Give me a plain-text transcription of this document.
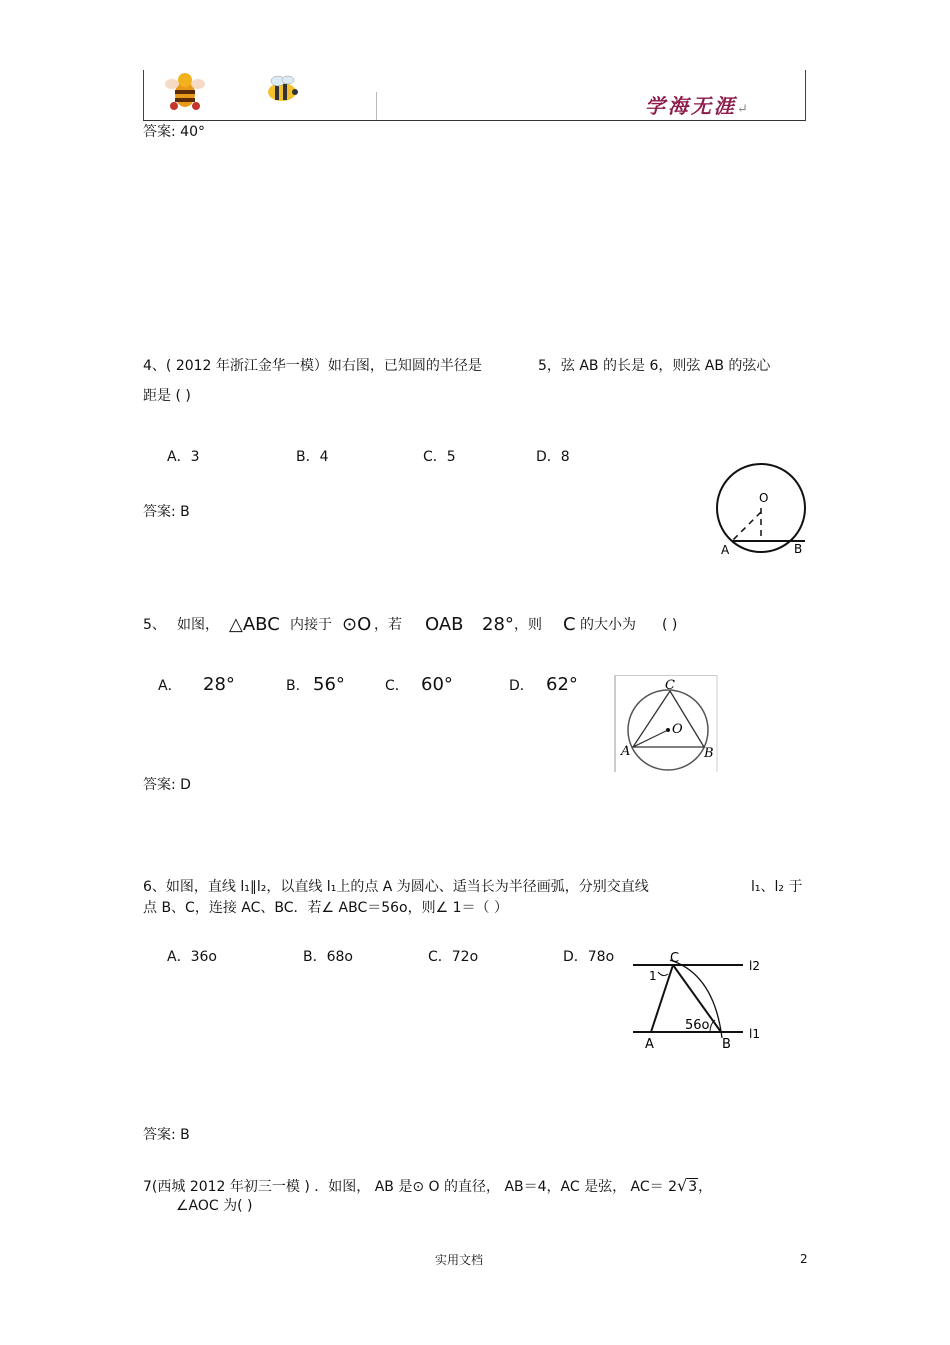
学海无涯↵
答案: 40°
4、( 2012 年浙江金华一模）如右图，已知圆的半径是	5，弦 AB 的长是 6，则弦 AB 的弦心
距是 ( )
A．3	B．4	C．5	D．8
答案: B
O
A	B
5、 如图， △ABC 内接于 ⊙O ，若 OAB 28° ，则 C 的大小为 ( )
A． 28°	B. 56°	C． 60°	D． 62°
答案: D
C
O
A	B
6、如图，直线 l₁∥l₂，以直线 l₁上的点 A 为圆心、适当长为半径画弧，分别交直线	l₁、l₂ 于
点 B、C，连接 AC、BC．若∠ ABC＝56o，则∠ 1＝（ ）
A．36o	B．68o	C．72o	D．78o
答案: B
C	l2
1
56o
l1
A	B
7(西城 2012 年初三一模 ) ．如图， AB 是⊙ O 的直径， AB＝4，AC 是弦， AC＝ 2√3，
∠AOC 为( )
实用文档	2
